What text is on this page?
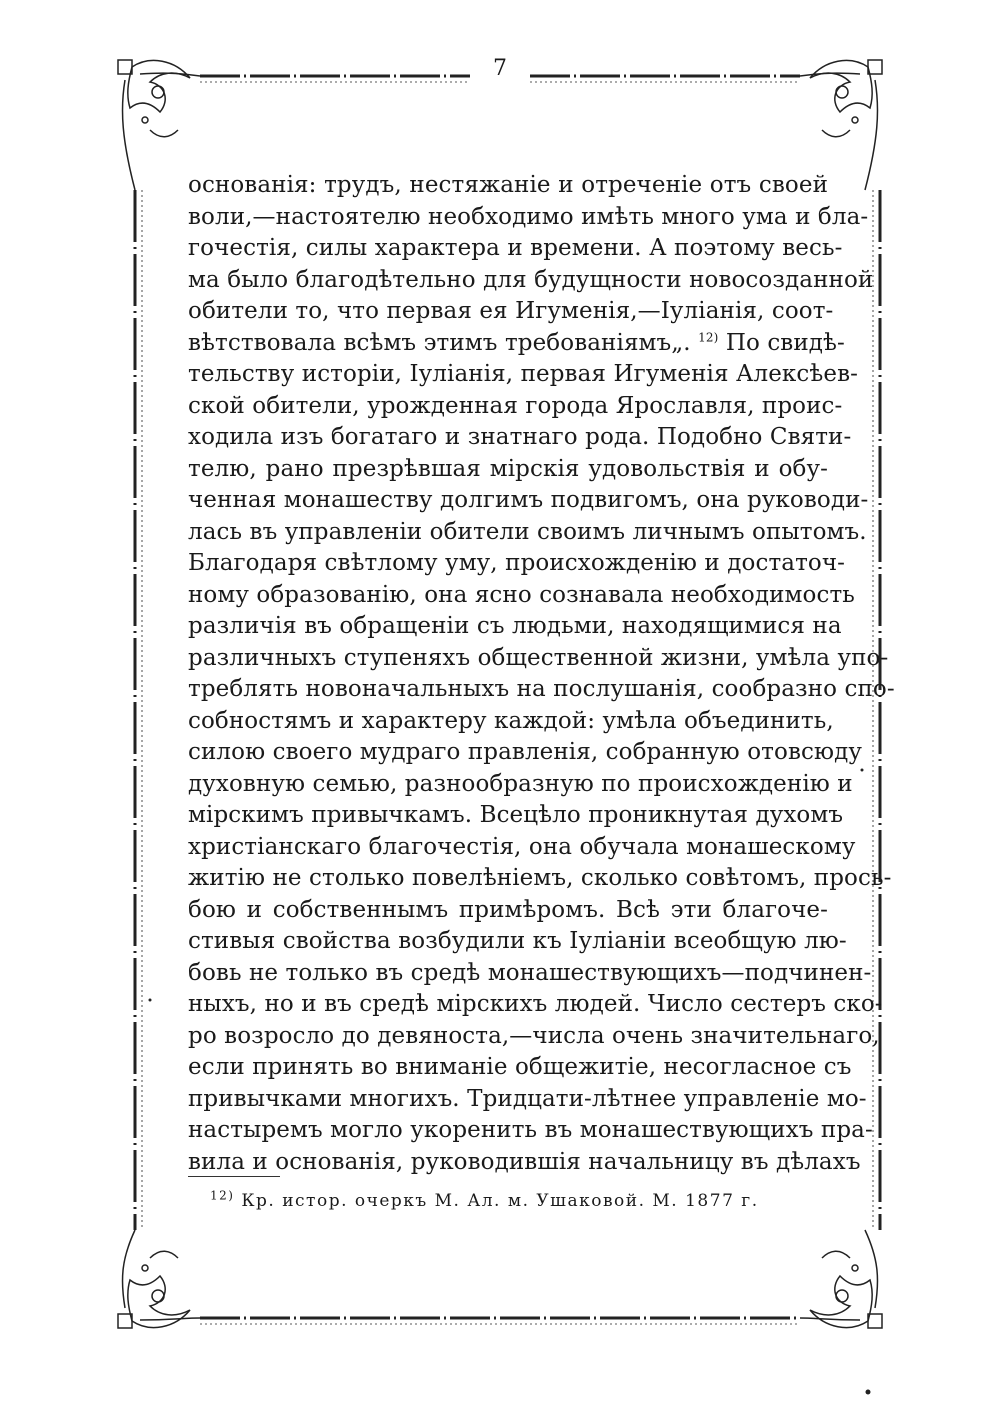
7
основанія: трудъ, нестяжаніе и отреченіе отъ своей
воли,—настоятелю необходимо имѣть много ума и бла-
гочестія, силы характера и времени. А поэтому весь-
ма было благодѣтельно для будущности новосозданной
обители то, что первая ея Игуменія,—Іуліанія, соот-
вѣтствовала всѣмъ этимъ требованіямъ„. $^{12)}$ По свидѣ-
тельству исторіи, Іуліанія, первая Игуменія Алексѣев-
ской обители, урожденная города Ярославля, проис-
ходила изъ богатаго и знатнаго рода. Подобно Святи-
телю, рано презрѣвшая мірскія удовольствія и обу-
ченная монашеству долгимъ подвигомъ, она руководи-
лась въ управленіи обители своимъ личнымъ опытомъ.
Благодаря свѣтлому уму, происхожденію и достаточ-
ному образованію, она ясно сознавала необходимость
различія въ обращеніи съ людьми, находящимися на
различныхъ ступеняхъ общественной жизни, умѣла упо-
треблять новоначальныхъ на послушанія, сообразно спо-
собностямъ и характеру каждой: умѣла объединить,
силою своего мудраго правленія, собранную отовсюду
духовную семью, разнообразную по происхожденію и
мірскимъ привычкамъ. Всецѣло проникнутая духомъ
христіанскаго благочестія, она обучала монашескому
житію не столько повелѣніемъ, сколько совѣтомъ, прось-
бою и собственнымъ примѣромъ. Всѣ эти благоче-
стивыя свойства возбудили къ Іуліаніи всеобщую лю-
бовь не только въ средѣ монашествующихъ—подчинен-
ныхъ, но и въ средѣ мірскихъ людей. Число сестеръ ско-
ро возросло до девяноста,—числа очень значительнаго,
если принять во вниманіе общежитіе, несогласное съ
привычками многихъ. Тридцати-лѣтнее управленіе мо-
настыремъ могло укоренить въ монашествующихъ пра-
вила и основанія, руководившія начальницу въ дѣлахъ
$^{12)}$ Кр. истор. очеркъ М. Ал. м. Ушаковой. М. 1877 г.
